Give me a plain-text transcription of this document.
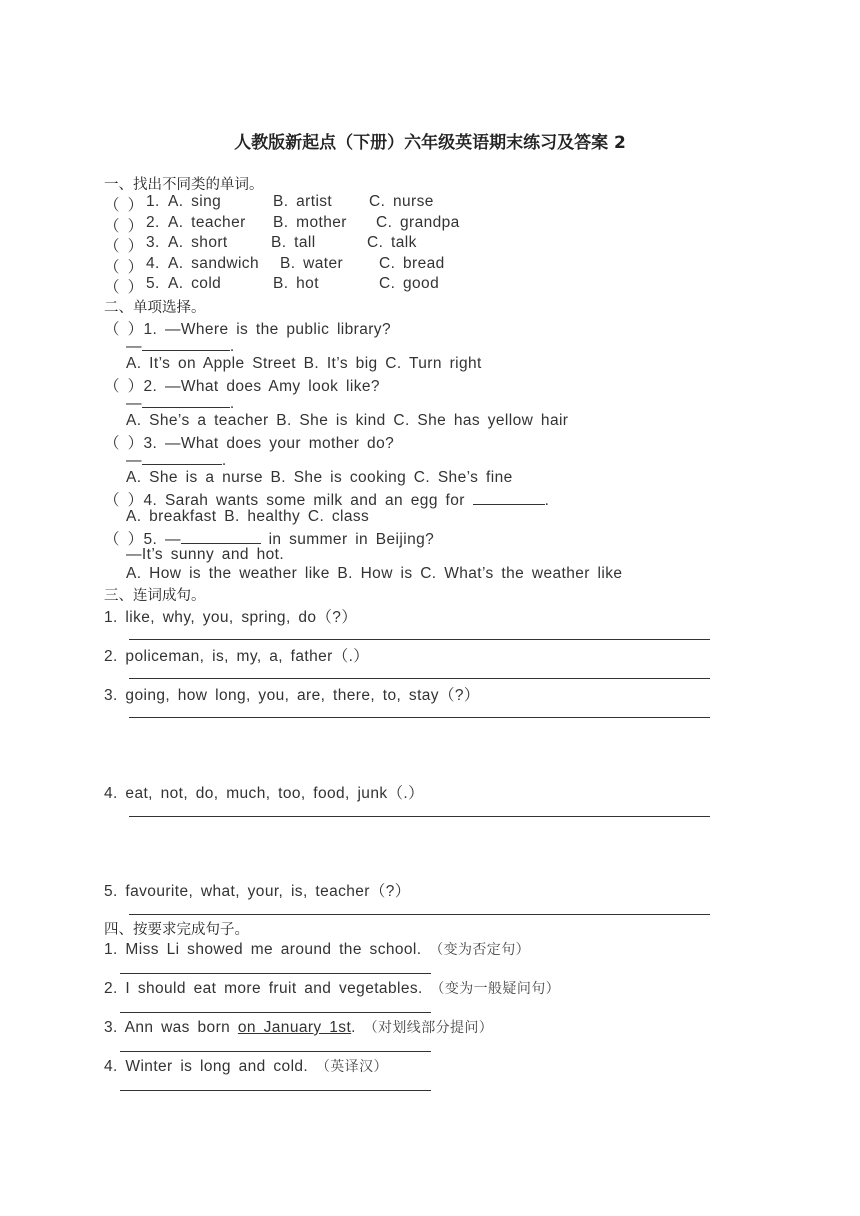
人教版新起点（下册）六年级英语期末练习及答案 2
一、找出不同类的单词。
（ ） 1. A. sing	B. artist C. nurse
（ ） 2. A. teacher B. mother C. grandpa
（ ） 3. A. short	B. tall	C. talk
（ ） 4. A. sandwich B. water C. bread
（ ） 5. A. cold	B. hot	C. good
二、单项选择。
（ ）1. —Where is the public library?
—	.
A. It’s on Apple Street B. It’s big C. Turn right
（ ）2. —What does Amy look like?
—	.
A. She’s a teacher B. She is kind C. She has yellow hair
（ ）3. —What does your mother do?
—	.
A. She is a nurse B. She is cooking C. She’s fine
（ ）4. Sarah wants some milk and an egg for	.
A. breakfast B. healthy C. class
（ ）5. —	in summer in Beijing?
—It’s sunny and hot.
A. How is the weather like B. How is C. What’s the weather like
三、连词成句。
1. like, why, you, spring, do（?）
2. policeman, is, my, a, father（.）
3. going, how long, you, are, there, to, stay（?）
4. eat, not, do, much, too, food, junk（.）
5. favourite, what, your, is, teacher（?）
四、按要求完成句子。
1. Miss Li showed me around the school. （变为否定句）
2. I should eat more fruit and vegetables. （变为一般疑问句）
3. Ann was born on January 1st. （对划线部分提问）
4. Winter is long and cold. （英译汉）
